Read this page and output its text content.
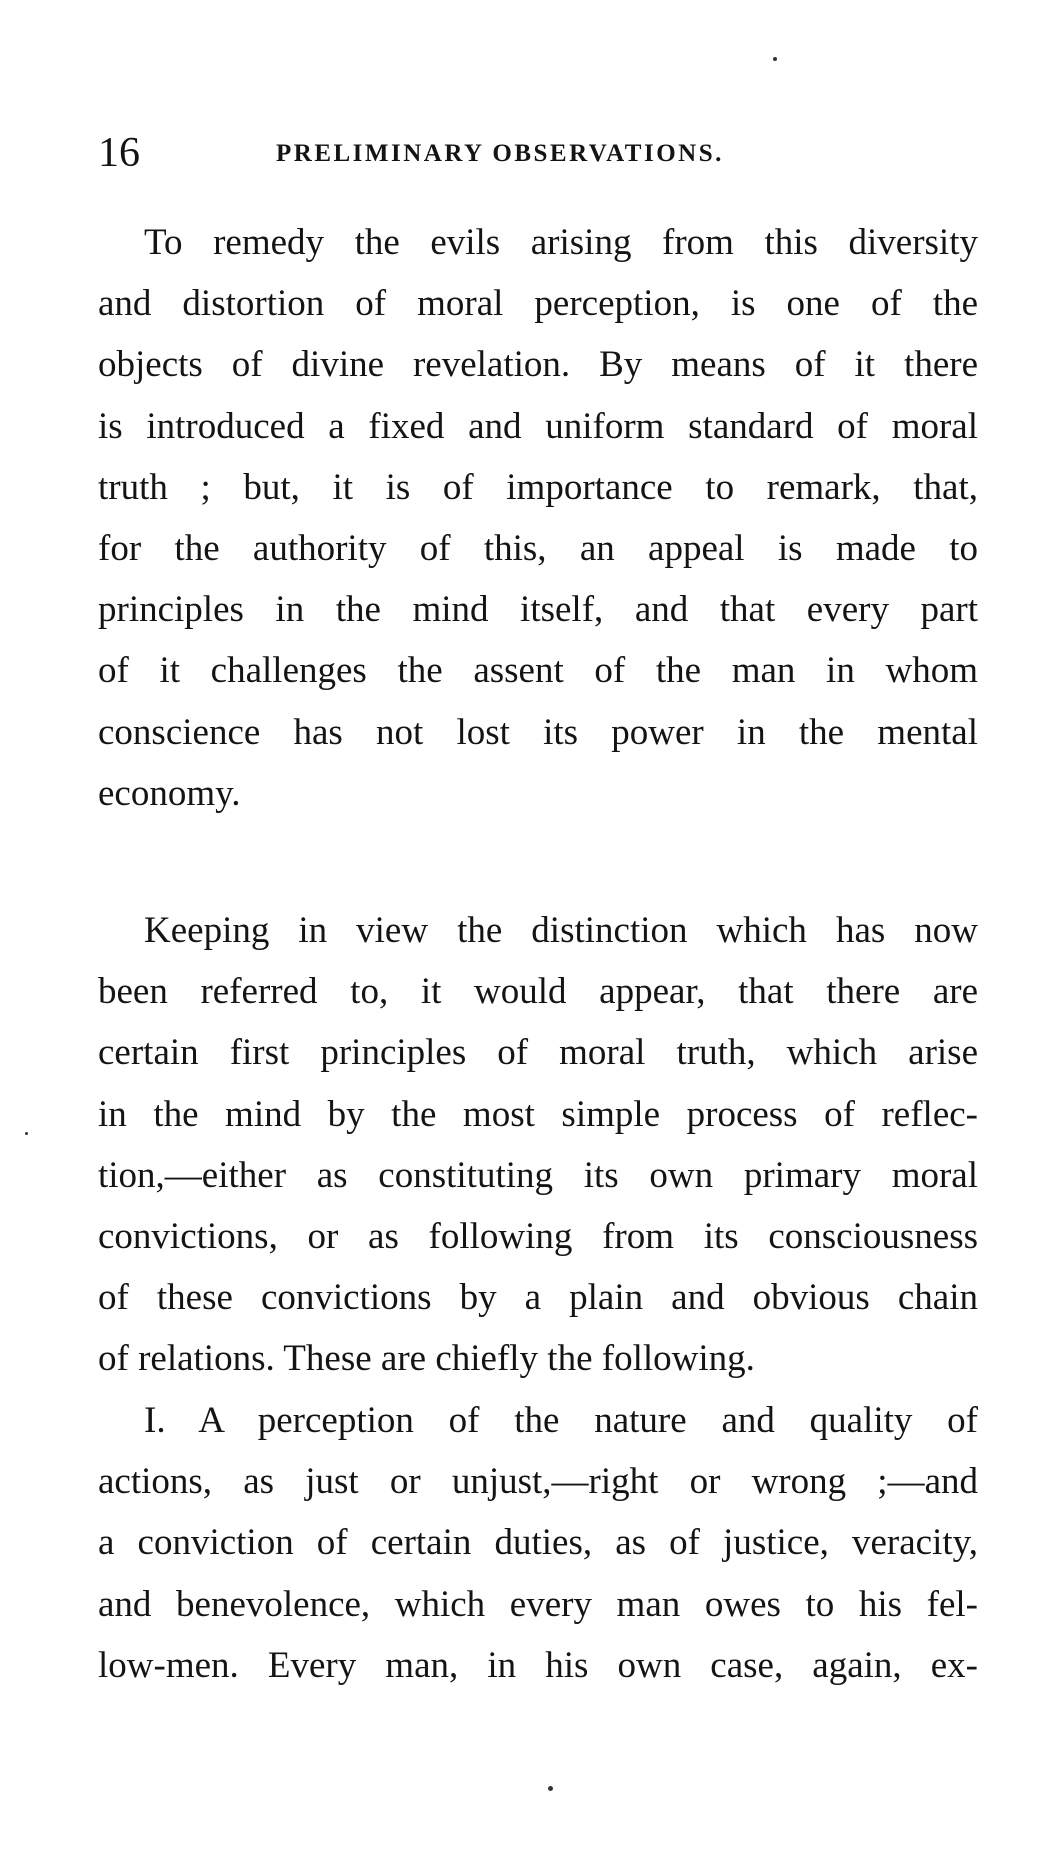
16	PRELIMINARY OBSERVATIONS.
To remedy the evils arising from this diversity
and distortion of moral perception, is one of the
objects of divine revelation. By means of it there
is introduced a fixed and uniform standard of moral
truth ; but, it is of importance to remark, that,
for the authority of this, an appeal is made to
principles in the mind itself, and that every part
of it challenges the assent of the man in whom
conscience has not lost its power in the mental
economy.
Keeping in view the distinction which has now
been referred to, it would appear, that there are
certain first principles of moral truth, which arise
in the mind by the most simple process of reflec-
tion,—either as constituting its own primary moral
convictions, or as following from its consciousness
of these convictions by a plain and obvious chain
of relations. These are chiefly the following.
I. A perception of the nature and quality of
actions, as just or unjust,—right or wrong ;—and
a conviction of certain duties, as of justice, veracity,
and benevolence, which every man owes to his fel-
low-men. Every man, in his own case, again, ex-
